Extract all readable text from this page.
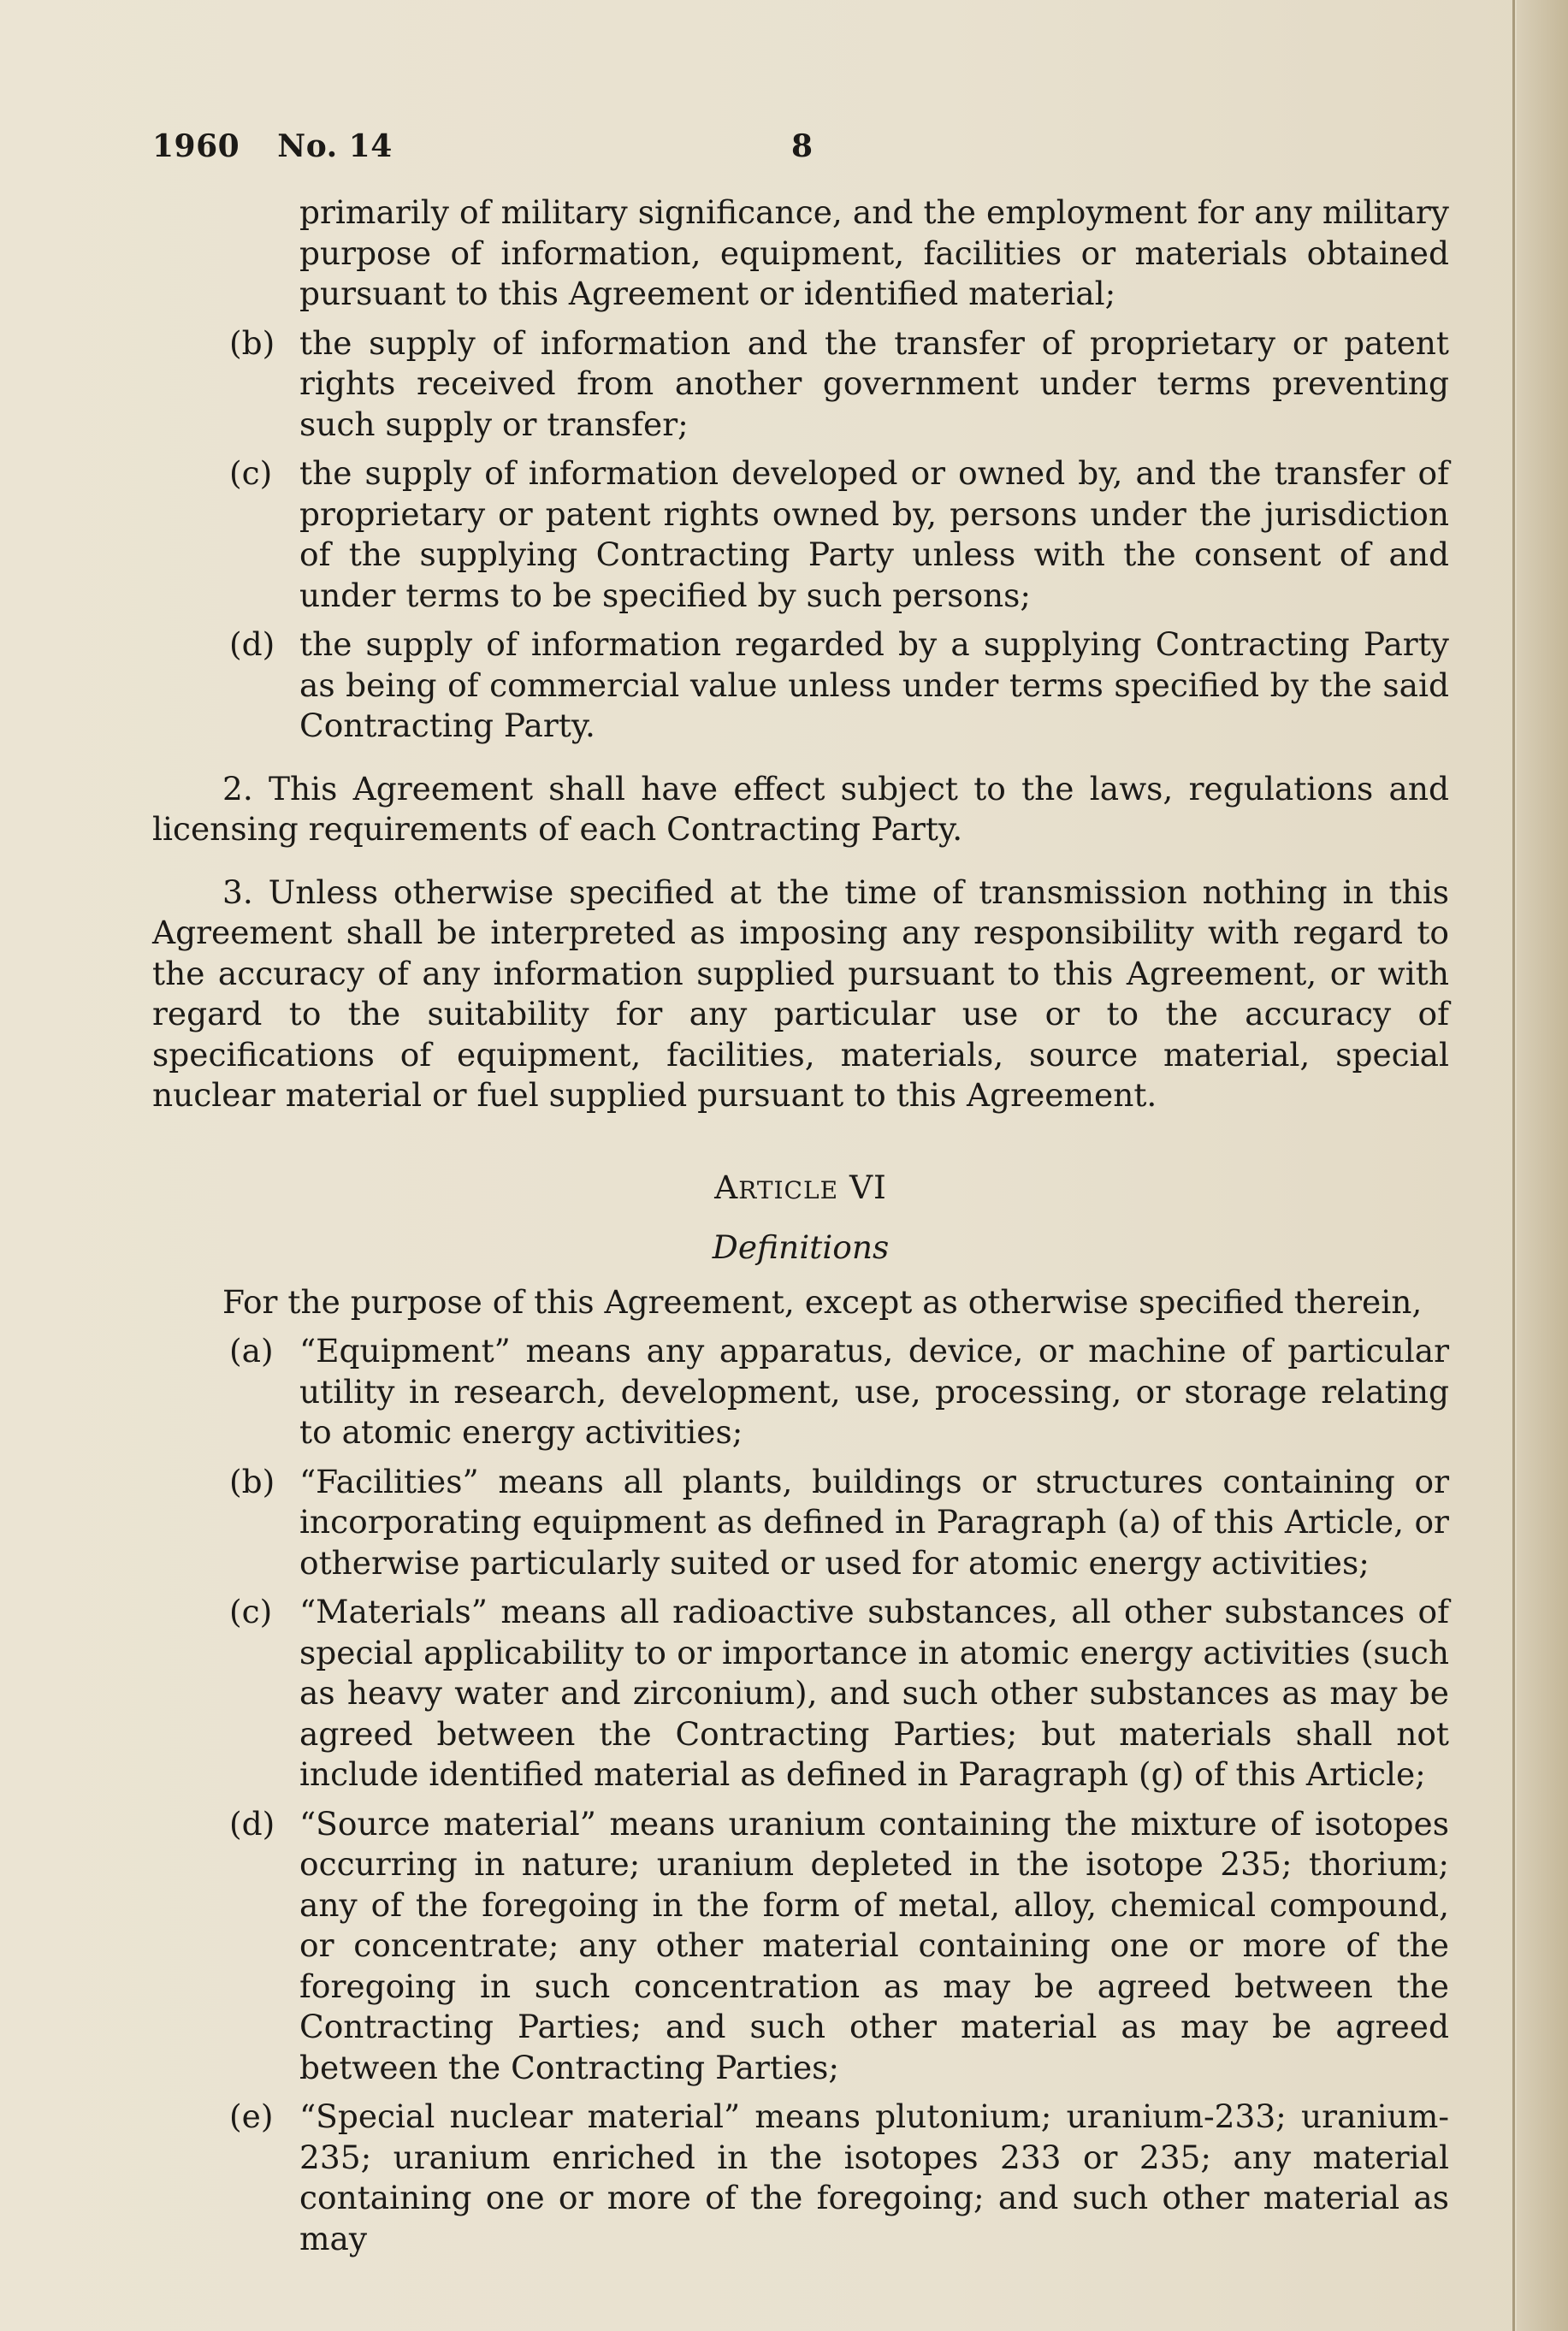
1960 No. 14	8
primarily of military significance, and the employment for any military purpose of information, equipment, facilities or materials obtained pursuant to this Agreement or identified material;
(b) the supply of information and the transfer of proprietary or patent rights received from another government under terms preventing such supply or transfer;
(c) the supply of information developed or owned by, and the transfer of proprietary or patent rights owned by, persons under the jurisdiction of the supplying Contracting Party unless with the consent of and under terms to be specified by such persons;
(d) the supply of information regarded by a supplying Contracting Party as being of commercial value unless under terms specified by the said Contracting Party.
2. This Agreement shall have effect subject to the laws, regulations and licensing requirements of each Contracting Party.
3. Unless otherwise specified at the time of transmission nothing in this Agreement shall be interpreted as imposing any responsibility with regard to the accuracy of any information supplied pursuant to this Agreement, or with regard to the suitability for any particular use or to the accuracy of specifications of equipment, facilities, materials, source material, special nuclear material or fuel supplied pursuant to this Agreement.
ARTICLE VI
Definitions
For the purpose of this Agreement, except as otherwise specified therein,
(a) “Equipment” means any apparatus, device, or machine of particular utility in research, development, use, processing, or storage relating to atomic energy activities;
(b) “Facilities” means all plants, buildings or structures containing or incorporating equipment as defined in Paragraph (a) of this Article, or otherwise particularly suited or used for atomic energy activities;
(c) “Materials” means all radioactive substances, all other substances of special applicability to or importance in atomic energy activities (such as heavy water and zirconium), and such other substances as may be agreed between the Contracting Parties; but materials shall not include identified material as defined in Paragraph (g) of this Article;
(d) “Source material” means uranium containing the mixture of isotopes occurring in nature; uranium depleted in the isotope 235; thorium; any of the foregoing in the form of metal, alloy, chemical compound, or concentrate; any other material containing one or more of the foregoing in such concentration as may be agreed between the Contracting Parties; and such other material as may be agreed between the Contracting Parties;
(e) “Special nuclear material” means plutonium; uranium-233; uranium-235; uranium enriched in the isotopes 233 or 235; any material containing one or more of the foregoing; and such other material as may
